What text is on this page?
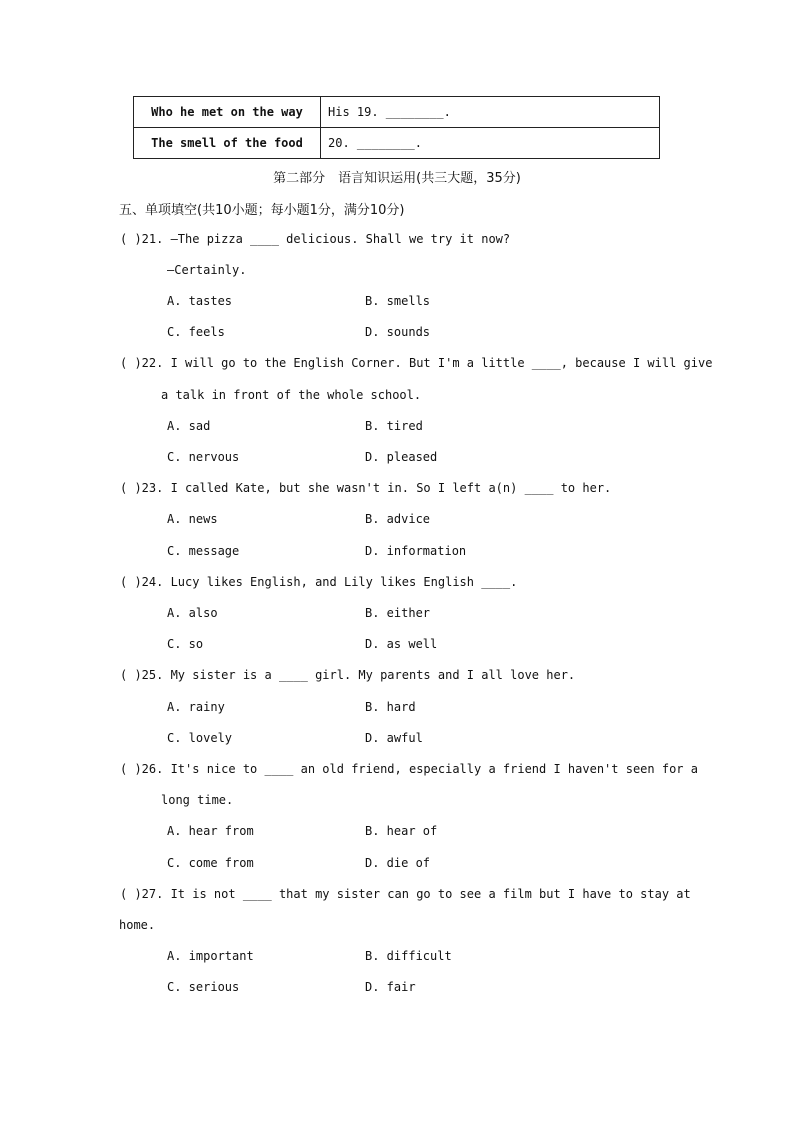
Who he met on the way	His 19. ________.
The smell of the food	20. ________.
第二部分　语言知识运用(共三大题，35分)
五、单项填空(共10小题；每小题1分，满分10分)
( )21. —The pizza ____ delicious. Shall we try it now?
—Certainly.
A. tastes	B. smells
C. feels	D. sounds
( )22. I will go to the English Corner. But I'm a little ____, because I will give
a talk in front of the whole school.
A. sad	B. tired
C. nervous	D. pleased
( )23. I called Kate, but she wasn't in. So I left a(n) ____ to her.
A. news	B. advice
C. message	D. information
( )24. Lucy likes English, and Lily likes English ____.
A. also	B. either
C. so	D. as well
( )25. My sister is a ____ girl. My parents and I all love her.
A. rainy	B. hard
C. lovely	D. awful
( )26. It's nice to ____ an old friend, especially a friend I haven't seen for a
long time.
A. hear from	B. hear of
C. come from	D. die of
( )27. It is not ____ that my sister can go to see a film but I have to stay at
home.
A. important	B. difficult
C. serious	D. fair
